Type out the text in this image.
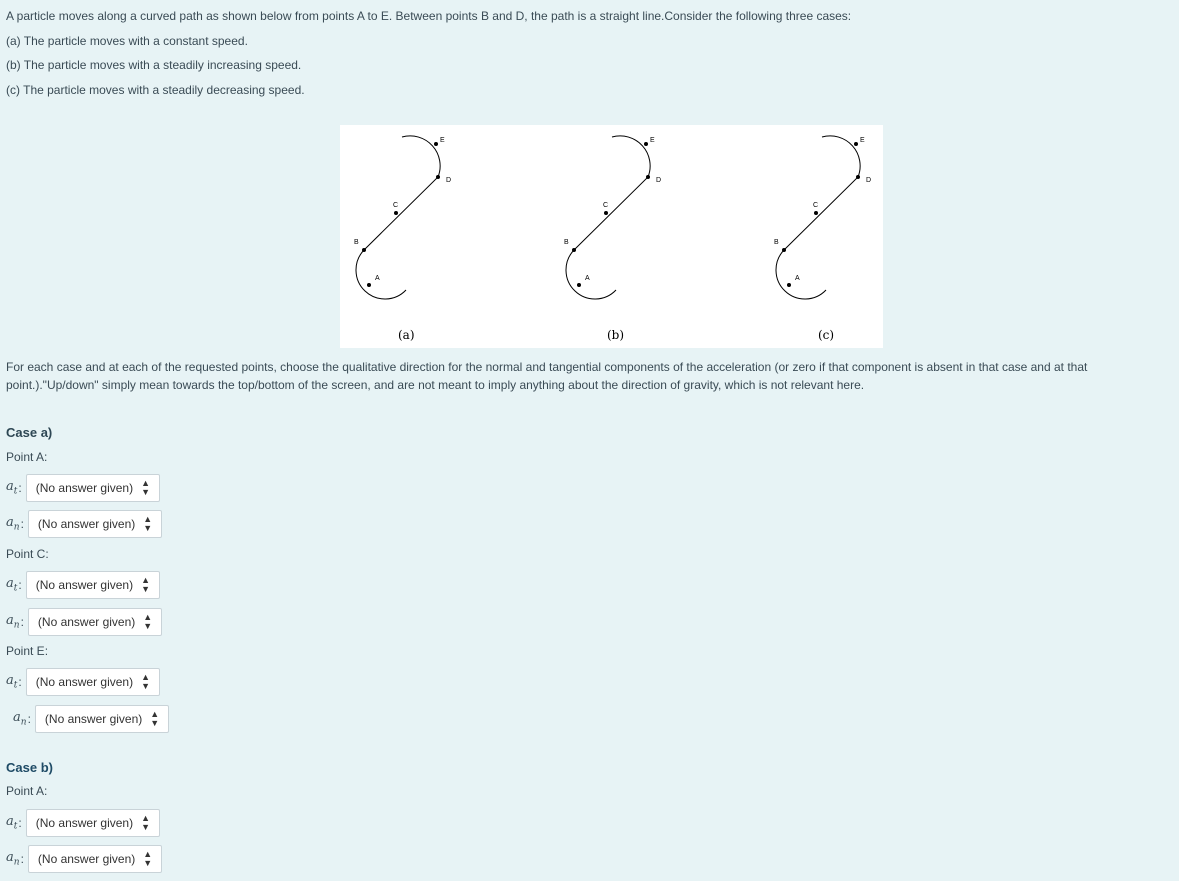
A particle moves along a curved path as shown below from points A to E. Between points B and D, the path is a straight line.Consider the following three cases:

(a) The particle moves with a constant speed.

(b) The particle moves with a steadily increasing speed.

(c) The particle moves with a steadily decreasing speed.

A
B
C
D
E
(a)
A
B
C
D
E
(b)
A
B
C
D
E
(c)
For each case and at each of the requested points, choose the qualitative direction for the normal and tangential components of the acceleration (or zero if that component is absent in that case and at that point.)."Up/down" simply mean towards the top/bottom of the screen, and are not meant to imply anything about the direction of gravity, which is not relevant here.
Case a)
Point A:
$a_t$ : (No answer given) ▲
▼
$a_n$ : (No answer given) ▲
▼
Point C:
$a_t$ : (No answer given) ▲
▼
$a_n$ : (No answer given) ▲
▼
Point E:
$a_t$ : (No answer given) ▲
▼
$a_n$ : (No answer given) ▲
▼
Case b)
Point A:
$a_t$ : (No answer given) ▲
▼
$a_n$ : (No answer given) ▲
▼
